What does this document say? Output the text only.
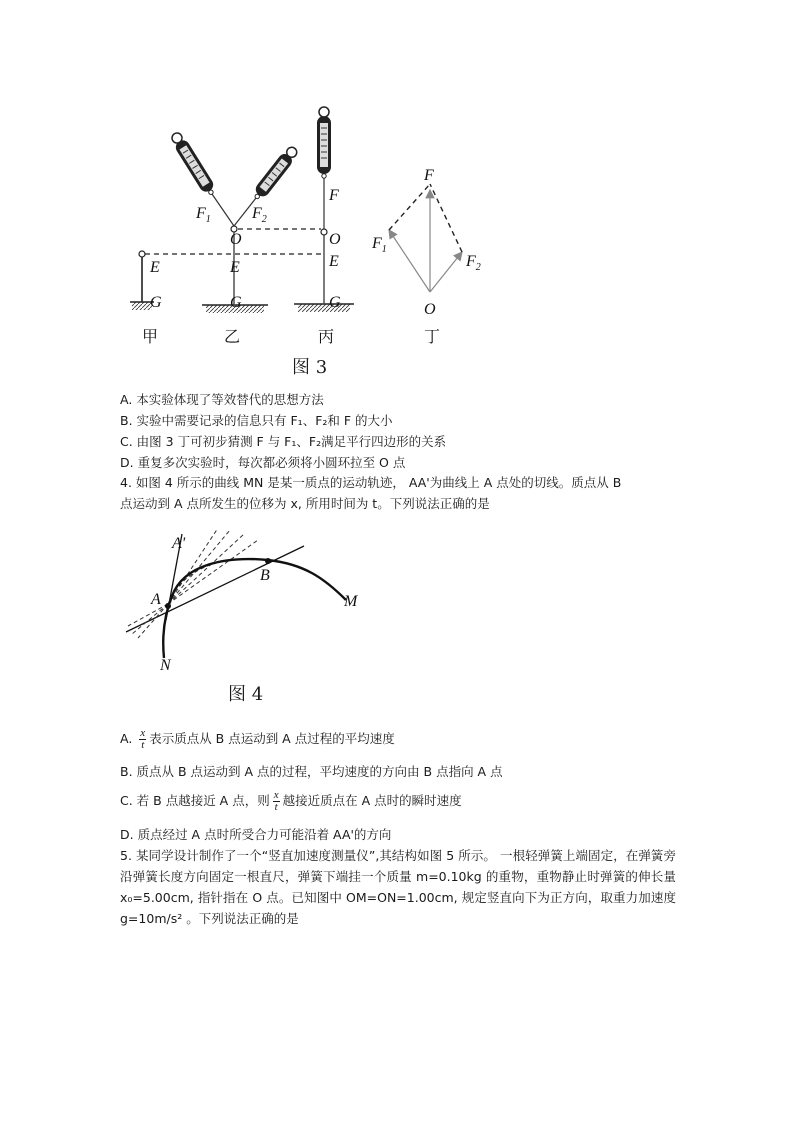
E
G
O
E
G
$F_1$	$F_2$
F
O
E
G
F
O
$F_1$
$F_2$
甲	乙	丙	丁
图 3
A. 本实验体现了等效替代的思想方法
B. 实验中需要记录的信息只有 F₁、F₂和 F 的大小
C. 由图 3 丁可初步猜测 F 与 F₁、F₂满足平行四边形的关系
D. 重复多次实验时，每次都必须将小圆环拉至 O 点
4. 如图 4 所示的曲线 MN 是某一质点的运动轨迹， AA'为曲线上 A 点处的切线。质点从 B
点运动到 A 点所发生的位移为 x, 所用时间为 t。下列说法正确的是
A'
A
B
M
N
图 4
A. $\frac{x}{t}$ 表示质点从 B 点运动到 A 点过程的平均速度
B. 质点从 B 点运动到 A 点的过程，平均速度的方向由 B 点指向 A 点
C. 若 B 点越接近 A 点，则 $\frac{x}{t}$ 越接近质点在 A 点时的瞬时速度
D. 质点经过 A 点时所受合力可能沿着 AA'的方向
5. 某同学设计制作了一个“竖直加速度测量仪”,其结构如图 5 所示。 一根轻弹簧上端固定，在弹簧旁沿弹簧长度方向固定一根直尺，弹簧下端挂一个质量 m=0.10kg 的重物，重物静止时弹簧的伸长量 x₀=5.00cm, 指针指在 O 点。已知图中 OM=ON=1.00cm, 规定竖直向下为正方向，取重力加速度 g=10m/s² 。下列说法正确的是
